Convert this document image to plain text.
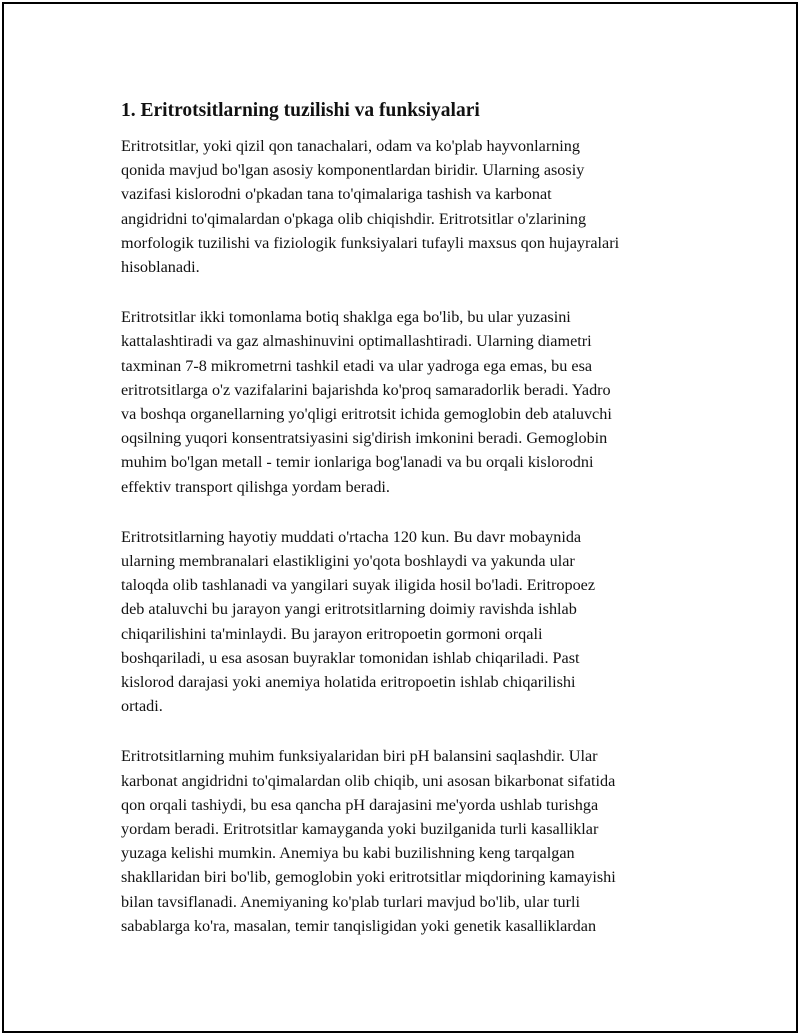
1. Eritrotsitlarning tuzilishi va funksiyalari
Eritrotsitlar, yoki qizil qon tanachalari, odam va ko'plab hayvonlarning
qonida mavjud bo'lgan asosiy komponentlardan biridir. Ularning asosiy
vazifasi kislorodni o'pkadan tana to'qimalariga tashish va karbonat
angidridni to'qimalardan o'pkaga olib chiqishdir. Eritrotsitlar o'zlarining
morfologik tuzilishi va fiziologik funksiyalari tufayli maxsus qon hujayralari
hisoblanadi.
Eritrotsitlar ikki tomonlama botiq shaklga ega bo'lib, bu ular yuzasini
kattalashtiradi va gaz almashinuvini optimallashtiradi. Ularning diametri
taxminan 7-8 mikrometrni tashkil etadi va ular yadroga ega emas, bu esa
eritrotsitlarga o'z vazifalarini bajarishda ko'proq samaradorlik beradi. Yadro
va boshqa organellarning yo'qligi eritrotsit ichida gemoglobin deb ataluvchi
oqsilning yuqori konsentratsiyasini sig'dirish imkonini beradi. Gemoglobin
muhim bo'lgan metall - temir ionlariga bog'lanadi va bu orqali kislorodni
effektiv transport qilishga yordam beradi.
Eritrotsitlarning hayotiy muddati o'rtacha 120 kun. Bu davr mobaynida
ularning membranalari elastikligini yo'qota boshlaydi va yakunda ular
taloqda olib tashlanadi va yangilari suyak iligida hosil bo'ladi. Eritropoez
deb ataluvchi bu jarayon yangi eritrotsitlarning doimiy ravishda ishlab
chiqarilishini ta'minlaydi. Bu jarayon eritropoetin gormoni orqali
boshqariladi, u esa asosan buyraklar tomonidan ishlab chiqariladi. Past
kislorod darajasi yoki anemiya holatida eritropoetin ishlab chiqarilishi
ortadi.
Eritrotsitlarning muhim funksiyalaridan biri pH balansini saqlashdir. Ular
karbonat angidridni to'qimalardan olib chiqib, uni asosan bikarbonat sifatida
qon orqali tashiydi, bu esa qancha pH darajasini me'yorda ushlab turishga
yordam beradi. Eritrotsitlar kamayganda yoki buzilganida turli kasalliklar
yuzaga kelishi mumkin. Anemiya bu kabi buzilishning keng tarqalgan
shakllaridan biri bo'lib, gemoglobin yoki eritrotsitlar miqdorining kamayishi
bilan tavsiflanadi. Anemiyaning ko'plab turlari mavjud bo'lib, ular turli
sabablarga ko'ra, masalan, temir tanqisligidan yoki genetik kasalliklardan
